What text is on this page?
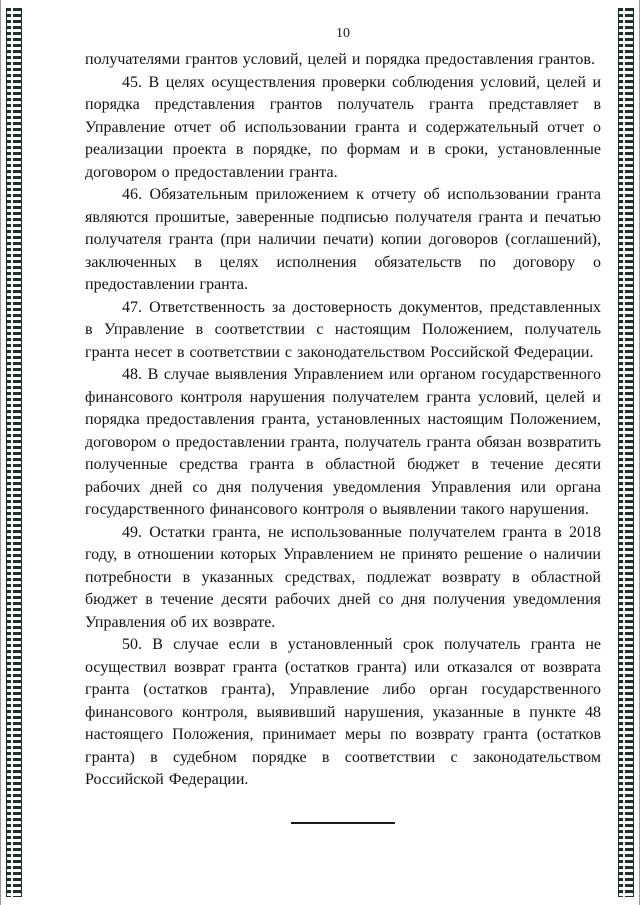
10

получателями грантов условий, целей и порядка предоставления грантов.

45. В целях осуществления проверки соблюдения условий, целей и порядка представления грантов получатель гранта представляет в Управление отчет об использовании гранта и содержательный отчет о реализации проекта в порядке, по формам и в сроки, установленные договором о предоставлении гранта.

46. Обязательным приложением к отчету об использовании гранта являются прошитые, заверенные подписью получателя гранта и печатью получателя гранта (при наличии печати) копии договоров (соглашений), заключенных в целях исполнения обязательств по договору о предоставлении гранта.

47. Ответственность за достоверность документов, представленных в Управление в соответствии с настоящим Положением, получатель гранта несет в соответствии с законодательством Российской Федерации.

48. В случае выявления Управлением или органом государственного финансового контроля нарушения получателем гранта условий, целей и порядка предоставления гранта, установленных настоящим Положением, договором о предоставлении гранта, получатель гранта обязан возвратить полученные средства гранта в областной бюджет в течение десяти рабочих дней со дня получения уведомления Управления или органа государственного финансового контроля о выявлении такого нарушения.

49. Остатки гранта, не использованные получателем гранта в 2018 году, в отношении которых Управлением не принято решение о наличии потребности в указанных средствах, подлежат возврату в областной бюджет в течение десяти рабочих дней со дня получения уведомления Управления об их возврате.

50. В случае если в установленный срок получатель гранта не осуществил возврат гранта (остатков гранта) или отказался от возврата гранта (остатков гранта), Управление либо орган государственного финансового контроля, выявивший нарушения, указанные в пункте 48 настоящего Положения, принимает меры по возврату гранта (остатков гранта) в судебном порядке в соответствии с законодательством Российской Федерации.
